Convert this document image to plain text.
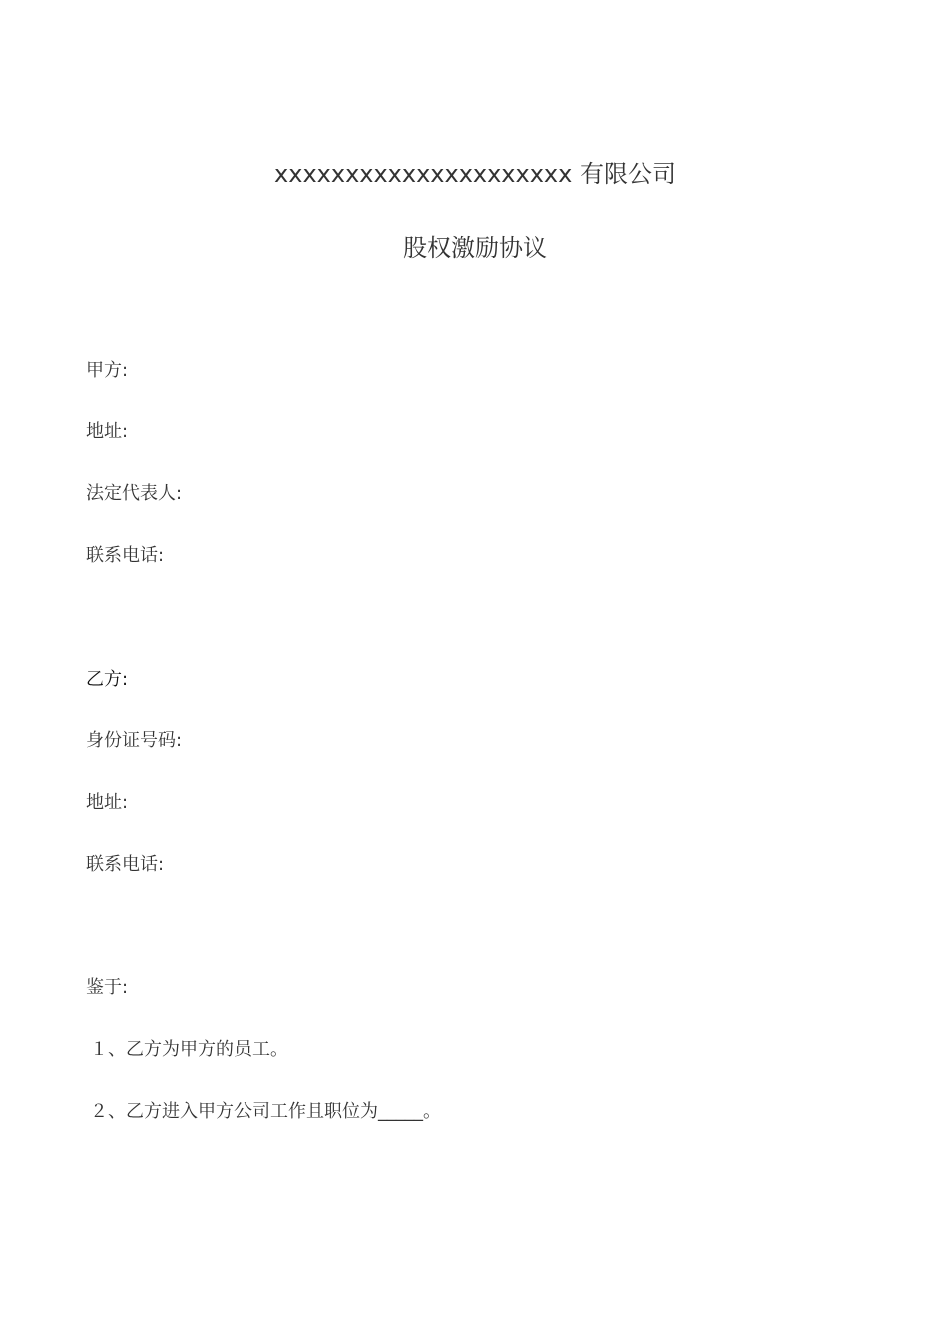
xxxxxxxxxxxxxxxxxxxxx 有限公司
股权激励协议
甲方:
地址:
法定代表人:
联系电话:
乙方:
身份证号码:
地址:
联系电话:
鉴于:
１、乙方为甲方的员工。
２、乙方进入甲方公司工作且职位为_____。
